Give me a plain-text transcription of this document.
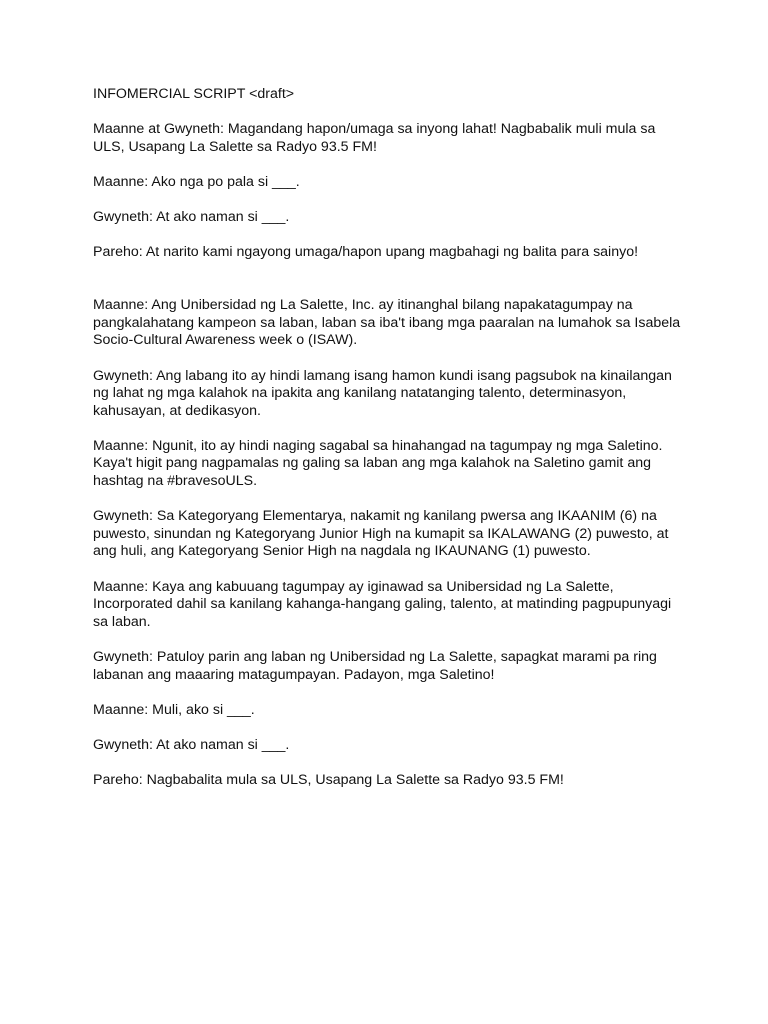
INFOMERCIAL SCRIPT <draft>

Maanne at Gwyneth: Magandang hapon/umaga sa inyong lahat! Nagbabalik muli mula sa ULS, Usapang La Salette sa Radyo 93.5 FM!

Maanne: Ako nga po pala si ___.

Gwyneth: At ako naman si ___.

Pareho: At narito kami ngayong umaga/hapon upang magbahagi ng balita para sainyo!

Maanne: Ang Unibersidad ng La Salette, Inc. ay itinanghal bilang napakatagumpay na pangkalahatang kampeon sa laban, laban sa iba't ibang mga paaralan na lumahok sa Isabela Socio-Cultural Awareness week o (ISAW).

Gwyneth: Ang labang ito ay hindi lamang isang hamon kundi isang pagsubok na kinailangan ng lahat ng mga kalahok na ipakita ang kanilang natatanging talento, determinasyon, kahusayan, at dedikasyon.

Maanne: Ngunit, ito ay hindi naging sagabal sa hinahangad na tagumpay ng mga Saletino. Kaya't higit pang nagpamalas ng galing sa laban ang mga kalahok na Saletino gamit ang hashtag na #bravesoULS.

Gwyneth: Sa Kategoryang Elementarya, nakamit ng kanilang pwersa ang IKAANIM (6) na puwesto, sinundan ng Kategoryang Junior High na kumapit sa IKALAWANG (2) puwesto, at ang huli, ang Kategoryang Senior High na nagdala ng IKAUNANG (1) puwesto.

Maanne: Kaya ang kabuuang tagumpay ay iginawad sa Unibersidad ng La Salette, Incorporated dahil sa kanilang kahanga-hangang galing, talento, at matinding pagpupunyagi sa laban.

Gwyneth: Patuloy parin ang laban ng Unibersidad ng La Salette, sapagkat marami pa ring labanan ang maaaring matagumpayan. Padayon, mga Saletino!

Maanne: Muli, ako si ___.

Gwyneth: At ako naman si ___.

Pareho: Nagbabalita mula sa ULS, Usapang La Salette sa Radyo 93.5 FM!
